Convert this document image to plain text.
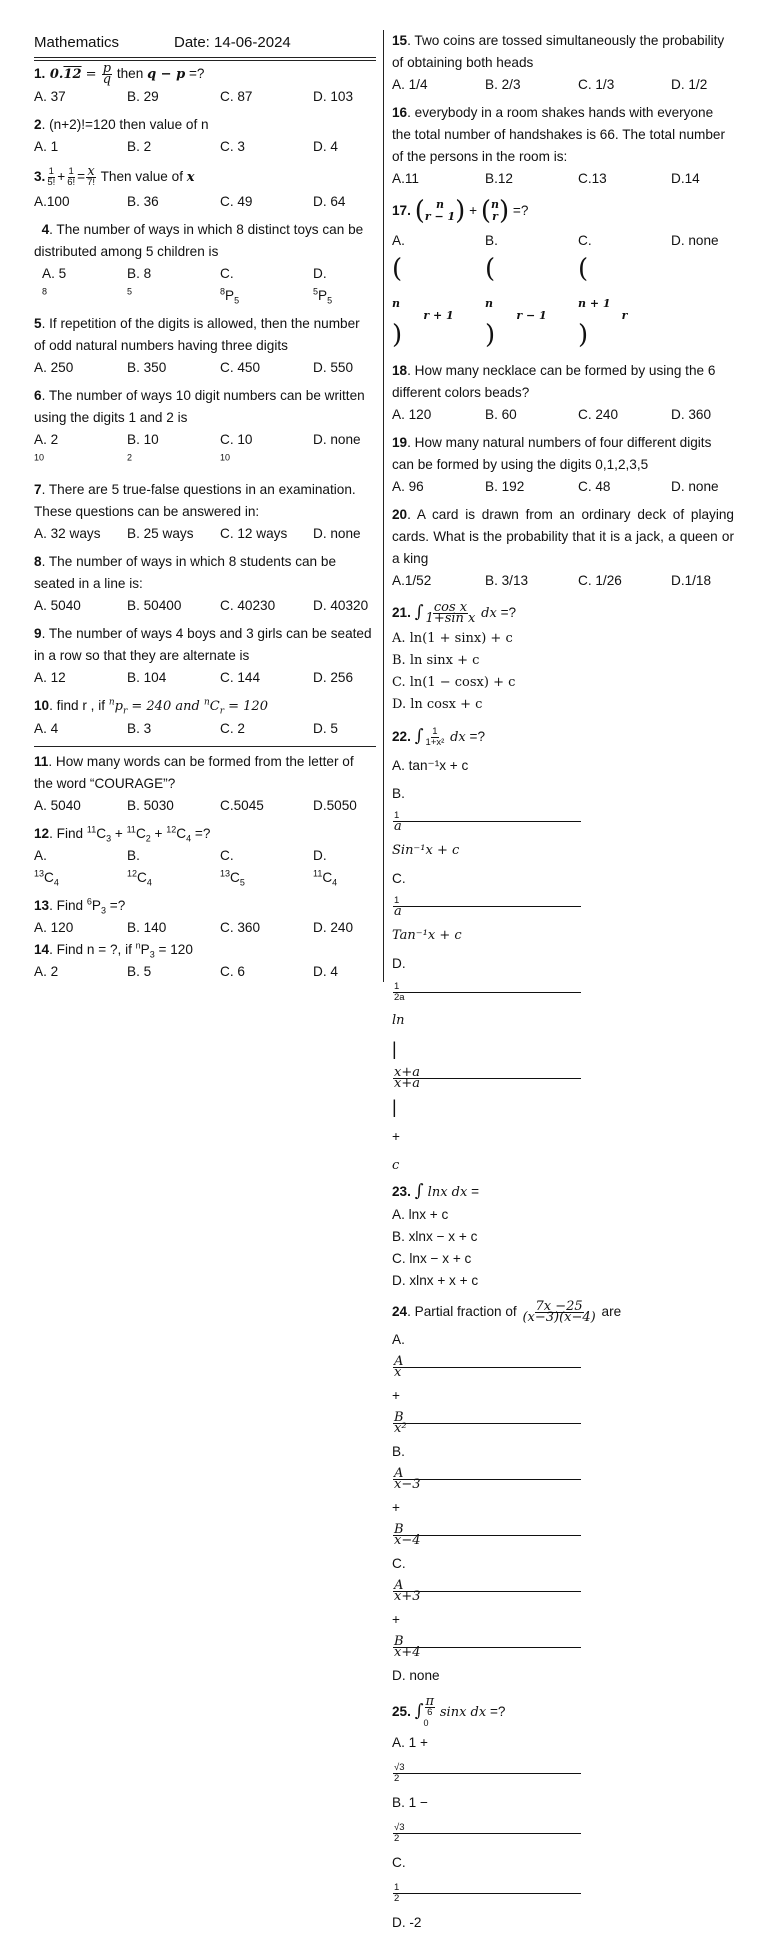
Mathematics	Date: 14-06-2024

1. $0.12 = \frac{p}{q}$ then q − p =?

A. 37	B. 29	C. 87	D. 103

2. (n+2)!=120 then value of n

A. 1	B. 2	C. 3	D. 4

3. $\frac{1}{5!} + \frac{1}{6!} = \frac{x}{7!}$ Then value of x

A.100	B. 36	C. 49	D. 64

4. The number of ways in which 8 distinct toys can be distributed among 5 children is

A. $5^8$
B. $8^5$
$C.^8P_5$
$D.^5P_5$

5. If repetition of the digits is allowed, then the number of odd natural numbers having three digits

A. 250	B. 350	C. 450	D. 550

6. The number of ways 10 digit numbers can be written using the digits 1 and 2 is

A. $2^{10}$
B. $10^2$
C. $10^{10}$
D. none

7. There are 5 true-false questions in an examination. These questions can be answered in:

A. 32 ways	B. 25 ways	C. 12 ways	D. none

8. The number of ways in which 8 students can be seated in a line is:

A. 5040	B. 50400	C. 40230	D. 40320

9. The number of ways 4 boys and 3 girls can be seated in a row so that they are alternate is

A. 12	B. 104	C. 144	D. 256

10. find r , if $^np_r = 240$ and $^nC_r = 120$

A. 4	B. 3	C. 2	D. 5

11. How many words can be formed from the letter of the word “COURAGE”?

A. 5040	B. 5030	C.5045	D.5050

12. Find $^{11}C_3 + ^{11}C_2 + ^{12}C_4$ =?

$A.^{13}C_4$
$B.^{12}C_4$
$C.^{13}C_5$
$D.^{11}C_4$

13. Find $^6P_3$ =?

A. 120	B. 140	C. 360	D. 240

14. Find n = ?, if $^nP_3 = 120$

A. 2	B. 5	C. 6	D. 4

15. Two coins are tossed simultaneously the probability of obtaining both heads

A. 1/4	B. 2/3	C. 1/3	D. 1/2

16. everybody in a room shakes hands with everyone the total number of handshakes is 66. The total number of the persons in the room is:

A.11	B.12	C.13	D.14

17. ( n
r − 1 ) + ( n
r ) =?

A.(
n
r + 1
)
B.(
n
r − 1
)
C. (
n + 1
r
)
D. none

18. How many necklace can be formed by using the 6 different colors beads?

A. 120	B. 60	C. 240	D. 360

19. How many natural numbers of four different digits can be formed by using the digits 0,1,2,3,5

A. 96	B. 192	C. 48	D. none

20. A card is drawn from an ordinary deck of playing cards. What is the probability that it is a jack, a queen or a king

A.1/52	B. 3/13	C. 1/26	D.1/18

21. ∫ $\frac{\text{cos x}}{\text{1+sin x}}$ dx =?

A. ln(1 + sinx) + c
B. ln sinx + c
C. ln(1 − cosx) + c
D. ln cosx + c

22. ∫ $\frac{1}{\text{1+x²}}$ dx =?

A. tan⁻¹x + c
$B.\frac{1}{a}Sin^{-1}x + c$
$C.\frac{1}{a}Tan^{-1}x + c$
$D.\frac{1}{2a}\ln|\frac{x+a}{x+a}| + c$

23. ∫ lnx dx =

A. lnx + c
B. xlnx − x + c
C. lnx − x + c
D. xlnx + x + c

24. Partial fraction of $\frac{7x -25}{(x-3)(x-4)}$ are

$A.\frac{A}{x}+\frac{B}{\text{x²}}$
$B.\frac{A}{x-3}+\frac{B}{x-4}$
$C.\frac{A}{x+3}+\frac{B}{x+4}$
D. none

25. ∫ $\frac{\pi}{6}$
0
sinx dx =?

A. $1 + \frac{√3}{2}$
B. $1 - \frac{√3}{2}$
C. $\frac{1}{2}$
D. -2
